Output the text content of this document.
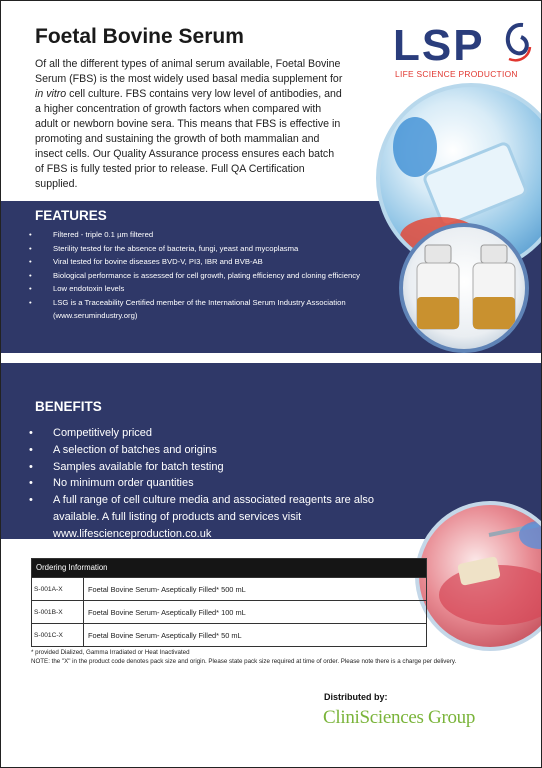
Foetal Bovine Serum

Of all the different types of animal serum available, Foetal Bovine Serum (FBS) is the most widely used basal media supplement for in vitro cell culture. FBS contains very low level of antibodies, and a higher concentration of growth factors when compared with adult or newborn bovine sera. This means that FBS is effective in promoting and sustaining the growth of both mammalian and insect cells. Our Quality Assurance process ensures each batch of FBS is fully tested prior to release. Full QA Certification supplied.

LSP
LIFE SCIENCE PRODUCTION
FEATURES
• Filtered - triple 0.1 µm filtered
• Sterility tested for the absence of bacteria, fungi, yeast and mycoplasma
• Viral tested for bovine diseases BVD-V, PI3, IBR and BVB-AB
• Biological performance is assessed for cell growth, plating efficiency and cloning efficiency
• Low endotoxin levels
• LSG is a Traceability Certified member of the International Serum Industry Association (www.serumindustry.org)
BENEFITS
• Competitively priced
• A selection of batches and origins
• Samples available for batch testing
• No minimum order quantities
• A full range of cell culture media and associated reagents are also available. A full listing of products and services visit www.lifescienceproduction.co.uk
Ordering Information
S-001A-X	Foetal Bovine Serum- Aseptically Filled* 500 mL
S-001B-X	Foetal Bovine Serum- Aseptically Filled* 100 mL
S-001C-X	Foetal Bovine Serum- Aseptically Filled* 50 mL
* provided Dialized, Gamma Irradiated or Heat Inactivated
NOTE: the "X" in the product code denotes pack size and origin. Please state pack size required at time of order. Please note there is a charge per delivery.
Distributed by:
CliniSciences Group
